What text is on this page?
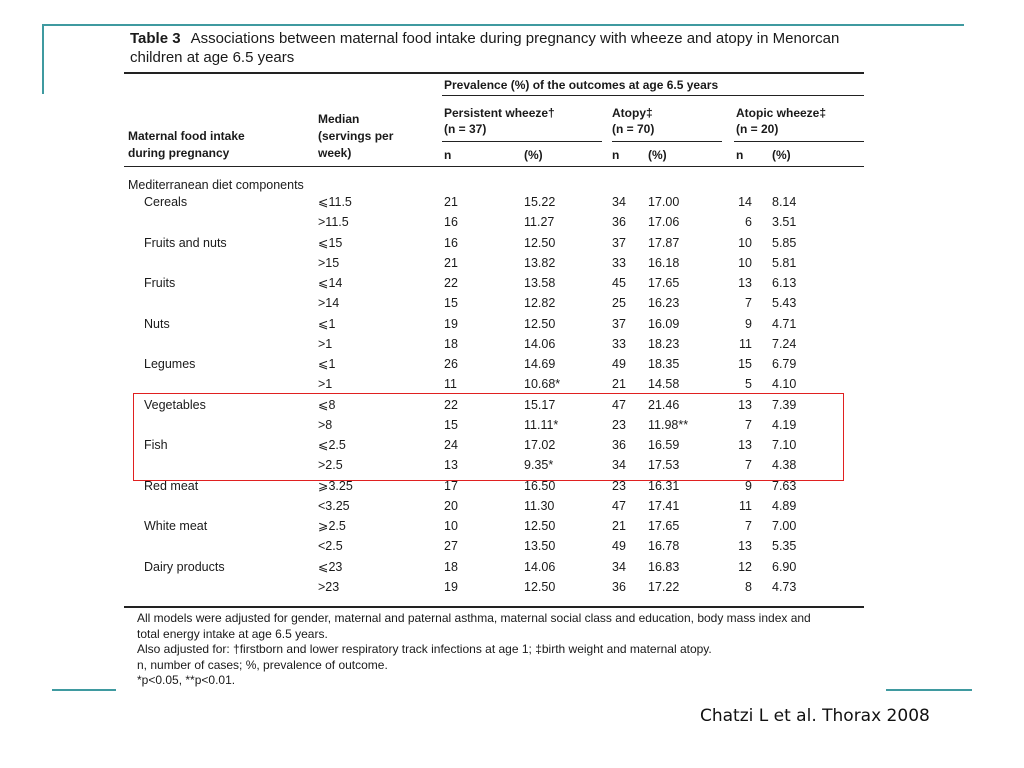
Table 3 Associations between maternal food intake during pregnancy with wheeze and atopy in Menorcan children at age 6.5 years
Prevalence (%) of the outcomes at age 6.5 years
Maternal food intake
during pregnancy
Median
(servings per
week)
Persistent wheeze†
(n = 37)
Atopy‡
(n = 70)
Atopic wheeze‡
(n = 20)
n	(%)	n (%)	n (%)
Mediterranean diet components
Cereals	⩽11.5	21	15.22	34 17.00	14 8.14
>11.5	16	11.27	36 17.06	6 3.51
Fruits and nuts	⩽15	16	12.50	37 17.87	10 5.85
>15	21	13.82	33 16.18	10 5.81
Fruits	⩽14	22	13.58	45 17.65	13 6.13
>14	15	12.82	25 16.23	7 5.43
Nuts	⩽1	19	12.50	37 16.09	9 4.71
>1	18	14.06	33 18.23	11 7.24
Legumes	⩽1	26	14.69	49 18.35	15 6.79
>1	11	10.68*	21 14.58	5 4.10
Vegetables	⩽8	22	15.17	47 21.46	13 7.39
>8	15	11.11*	23 11.98**	7 4.19
Fish	⩽2.5	24	17.02	36 16.59	13 7.10
>2.5	13	9.35*	34 17.53	7 4.38
Red meat	⩾3.25	17	16.50	23 16.31	9 7.63
<3.25	20	11.30	47 17.41	11 4.89
White meat	⩾2.5	10	12.50	21 17.65	7 7.00
<2.5	27	13.50	49 16.78	13 5.35
Dairy products	⩽23	18	14.06	34 16.83	12 6.90
>23	19	12.50	36 17.22	8 4.73
All models were adjusted for gender, maternal and paternal asthma, maternal social class and education, body mass index and
total energy intake at age 6.5 years.
Also adjusted for: †firstborn and lower respiratory track infections at age 1; ‡birth weight and maternal atopy.
n, number of cases; %, prevalence of outcome.
*p<0.05, **p<0.01.
Chatzi L et al. Thorax 2008
